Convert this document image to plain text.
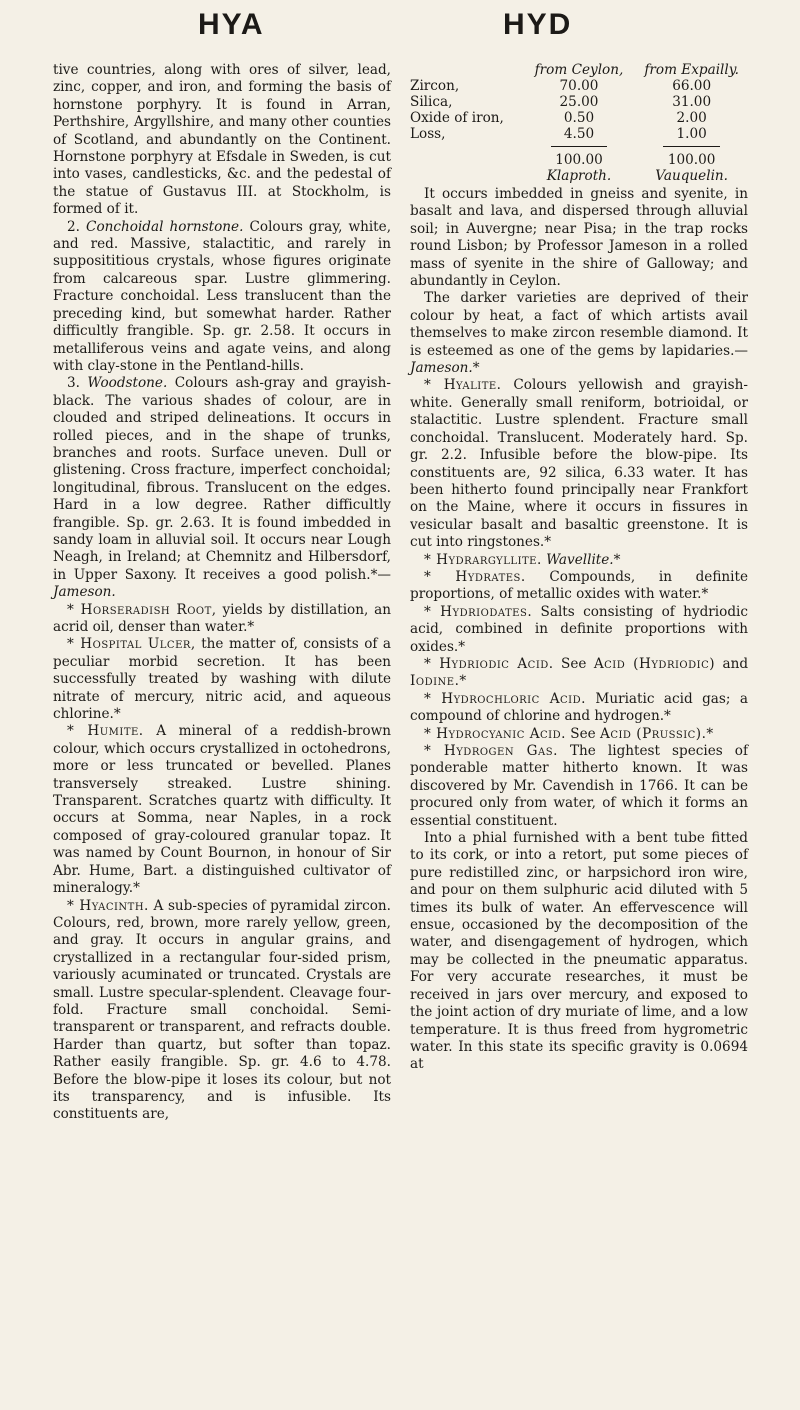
HYA	HYD

tive countries, along with ores of silver, lead, zinc, copper, and iron, and forming the basis of hornstone porphyry. It is found in Arran, Perthshire, Argyllshire, and many other counties of Scotland, and abundantly on the Continent. Hornstone porphyry at Efsdale in Sweden, is cut into vases, candlesticks, &c. and the pedestal of the statue of Gustavus III. at Stockholm, is formed of it.

2. Conchoidal hornstone. Colours gray, white, and red. Massive, stalactitic, and rarely in supposititious crystals, whose figures originate from calcareous spar. Lustre glimmering. Fracture conchoidal. Less translucent than the preceding kind, but somewhat harder. Rather difficultly frangible. Sp. gr. 2.58. It occurs in metalliferous veins and agate veins, and along with clay-stone in the Pentland-hills.

3. Woodstone. Colours ash-gray and grayish-black. The various shades of colour, are in clouded and striped delineations. It occurs in rolled pieces, and in the shape of trunks, branches and roots. Surface uneven. Dull or glistening. Cross fracture, imperfect conchoidal; longitudinal, fibrous. Translucent on the edges. Hard in a low degree. Rather difficultly frangible. Sp. gr. 2.63. It is found imbedded in sandy loam in alluvial soil. It occurs near Lough Neagh, in Ireland; at Chemnitz and Hilbersdorf, in Upper Saxony. It receives a good polish.*—Jameson.

* Horseradish Root, yields by distillation, an acrid oil, denser than water.*

* Hospital Ulcer, the matter of, consists of a peculiar morbid secretion. It has been successfully treated by washing with dilute nitrate of mercury, nitric acid, and aqueous chlorine.*

* Humite. A mineral of a reddish-brown colour, which occurs crystallized in octohedrons, more or less truncated or bevelled. Planes transversely streaked. Lustre shining. Transparent. Scratches quartz with difficulty. It occurs at Somma, near Naples, in a rock composed of gray-coloured granular topaz. It was named by Count Bournon, in honour of Sir Abr. Hume, Bart. a distinguished cultivator of mineralogy.*

* Hyacinth. A sub-species of pyramidal zircon. Colours, red, brown, more rarely yellow, green, and gray. It occurs in angular grains, and crystallized in a rectangular four-sided prism, variously acuminated or truncated. Crystals are small. Lustre specular-splendent. Cleavage four-fold. Fracture small conchoidal. Semi-transparent or transparent, and refracts double. Harder than quartz, but softer than topaz. Rather easily frangible. Sp. gr. 4.6 to 4.78. Before the blow-pipe it loses its colour, but not its transparency, and is infusible. Its constituents are,

	from Ceylon,	from Expailly.
Zircon,	70.00	66.00
Silica,	25.00	31.00
Oxide of iron,	0.50	2.00
Loss,	4.50	1.00
	100.00	100.00
	Klaproth.	Vauquelin.

It occurs imbedded in gneiss and syenite, in basalt and lava, and dispersed through alluvial soil; in Auvergne; near Pisa; in the trap rocks round Lisbon; by Professor Jameson in a rolled mass of syenite in the shire of Galloway; and abundantly in Ceylon.

The darker varieties are deprived of their colour by heat, a fact of which artists avail themselves to make zircon resemble diamond. It is esteemed as one of the gems by lapidaries.—Jameson.*

* Hyalite. Colours yellowish and grayish-white. Generally small reniform, botrioidal, or stalactitic. Lustre splendent. Fracture small conchoidal. Translucent. Moderately hard. Sp. gr. 2.2. Infusible before the blow-pipe. Its constituents are, 92 silica, 6.33 water. It has been hitherto found principally near Frankfort on the Maine, where it occurs in fissures in vesicular basalt and basaltic greenstone. It is cut into ringstones.*

* Hydrargyllite. Wavellite.*

* Hydrates. Compounds, in definite proportions, of metallic oxides with water.*

* Hydriodates. Salts consisting of hydriodic acid, combined in definite proportions with oxides.*

* Hydriodic Acid. See Acid (Hydriodic) and Iodine.*

* Hydrochloric Acid. Muriatic acid gas; a compound of chlorine and hydrogen.*

* Hydrocyanic Acid. See Acid (Prussic).*

* Hydrogen Gas. The lightest species of ponderable matter hitherto known. It was discovered by Mr. Cavendish in 1766. It can be procured only from water, of which it forms an essential constituent.

Into a phial furnished with a bent tube fitted to its cork, or into a retort, put some pieces of pure redistilled zinc, or harpsichord iron wire, and pour on them sulphuric acid diluted with 5 times its bulk of water. An effervescence will ensue, occasioned by the decomposition of the water, and disengagement of hydrogen, which may be collected in the pneumatic apparatus. For very accurate researches, it must be received in jars over mercury, and exposed to the joint action of dry muriate of lime, and a low temperature. It is thus freed from hygrometric water. In this state its specific gravity is 0.0694 at
